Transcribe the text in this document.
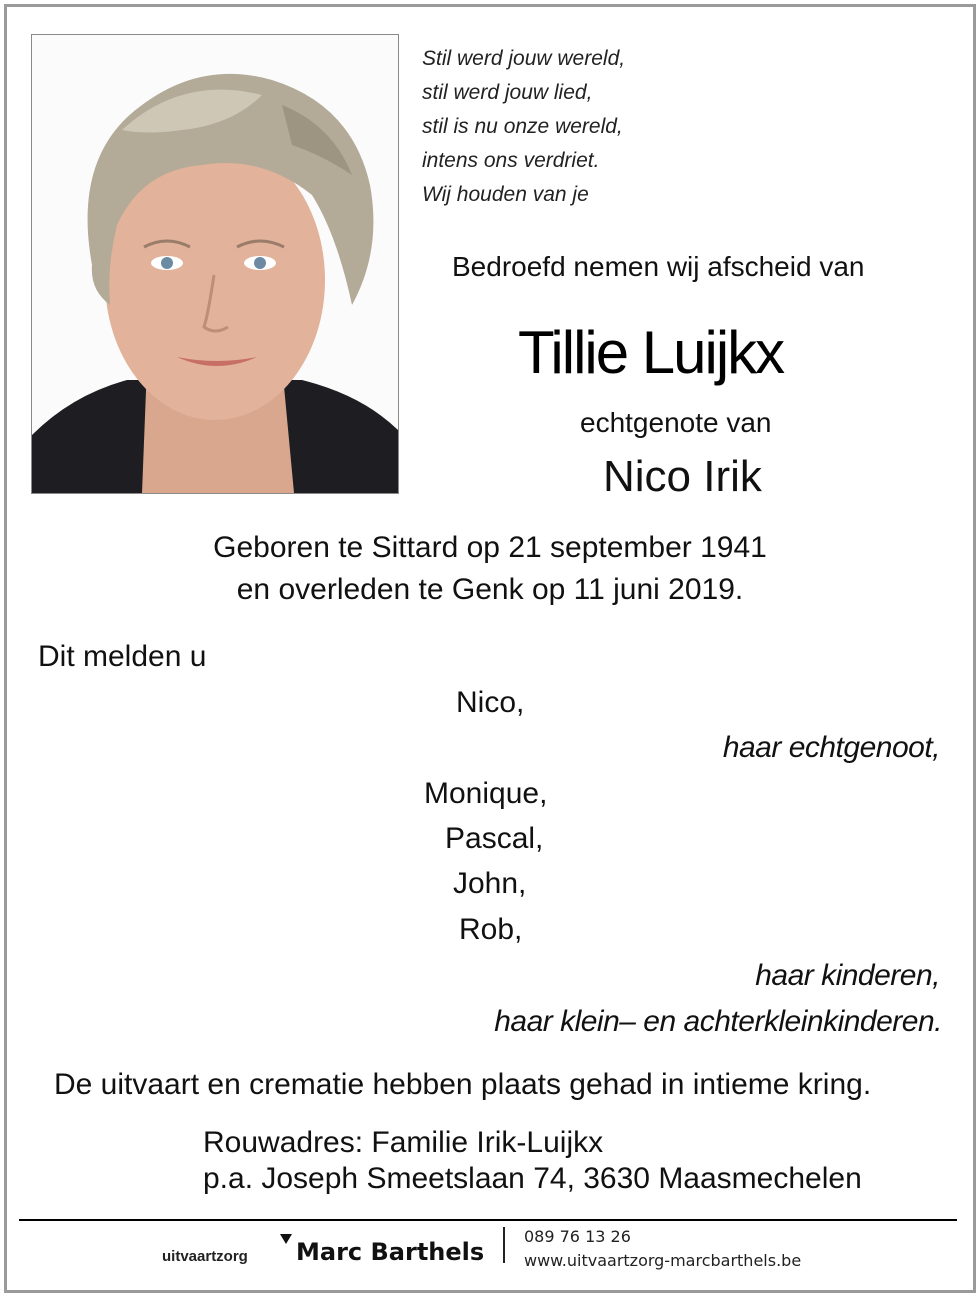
Stil werd jouw wereld,
stil werd jouw lied,
stil is nu onze wereld,
intens ons verdriet.
Wij houden van je
Bedroefd nemen wij afscheid van
Tillie Luijkx
echtgenote van
Nico Irik
Geboren te Sittard op 21 september 1941
en overleden te Genk op 11 juni 2019.
Dit melden u
Nico,
haar echtgenoot,
Monique,
Pascal,
John,
Rob,
haar kinderen,
haar klein– en achterkleinkinderen.
De uitvaart en crematie hebben plaats gehad in intieme kring.
Rouwadres: Familie Irik-Luijkx
p.a. Joseph Smeetslaan 74, 3630 Maasmechelen
uitvaartzorg Marc Barthels
089 76 13 26
www.uitvaartzorg-marcbarthels.be
